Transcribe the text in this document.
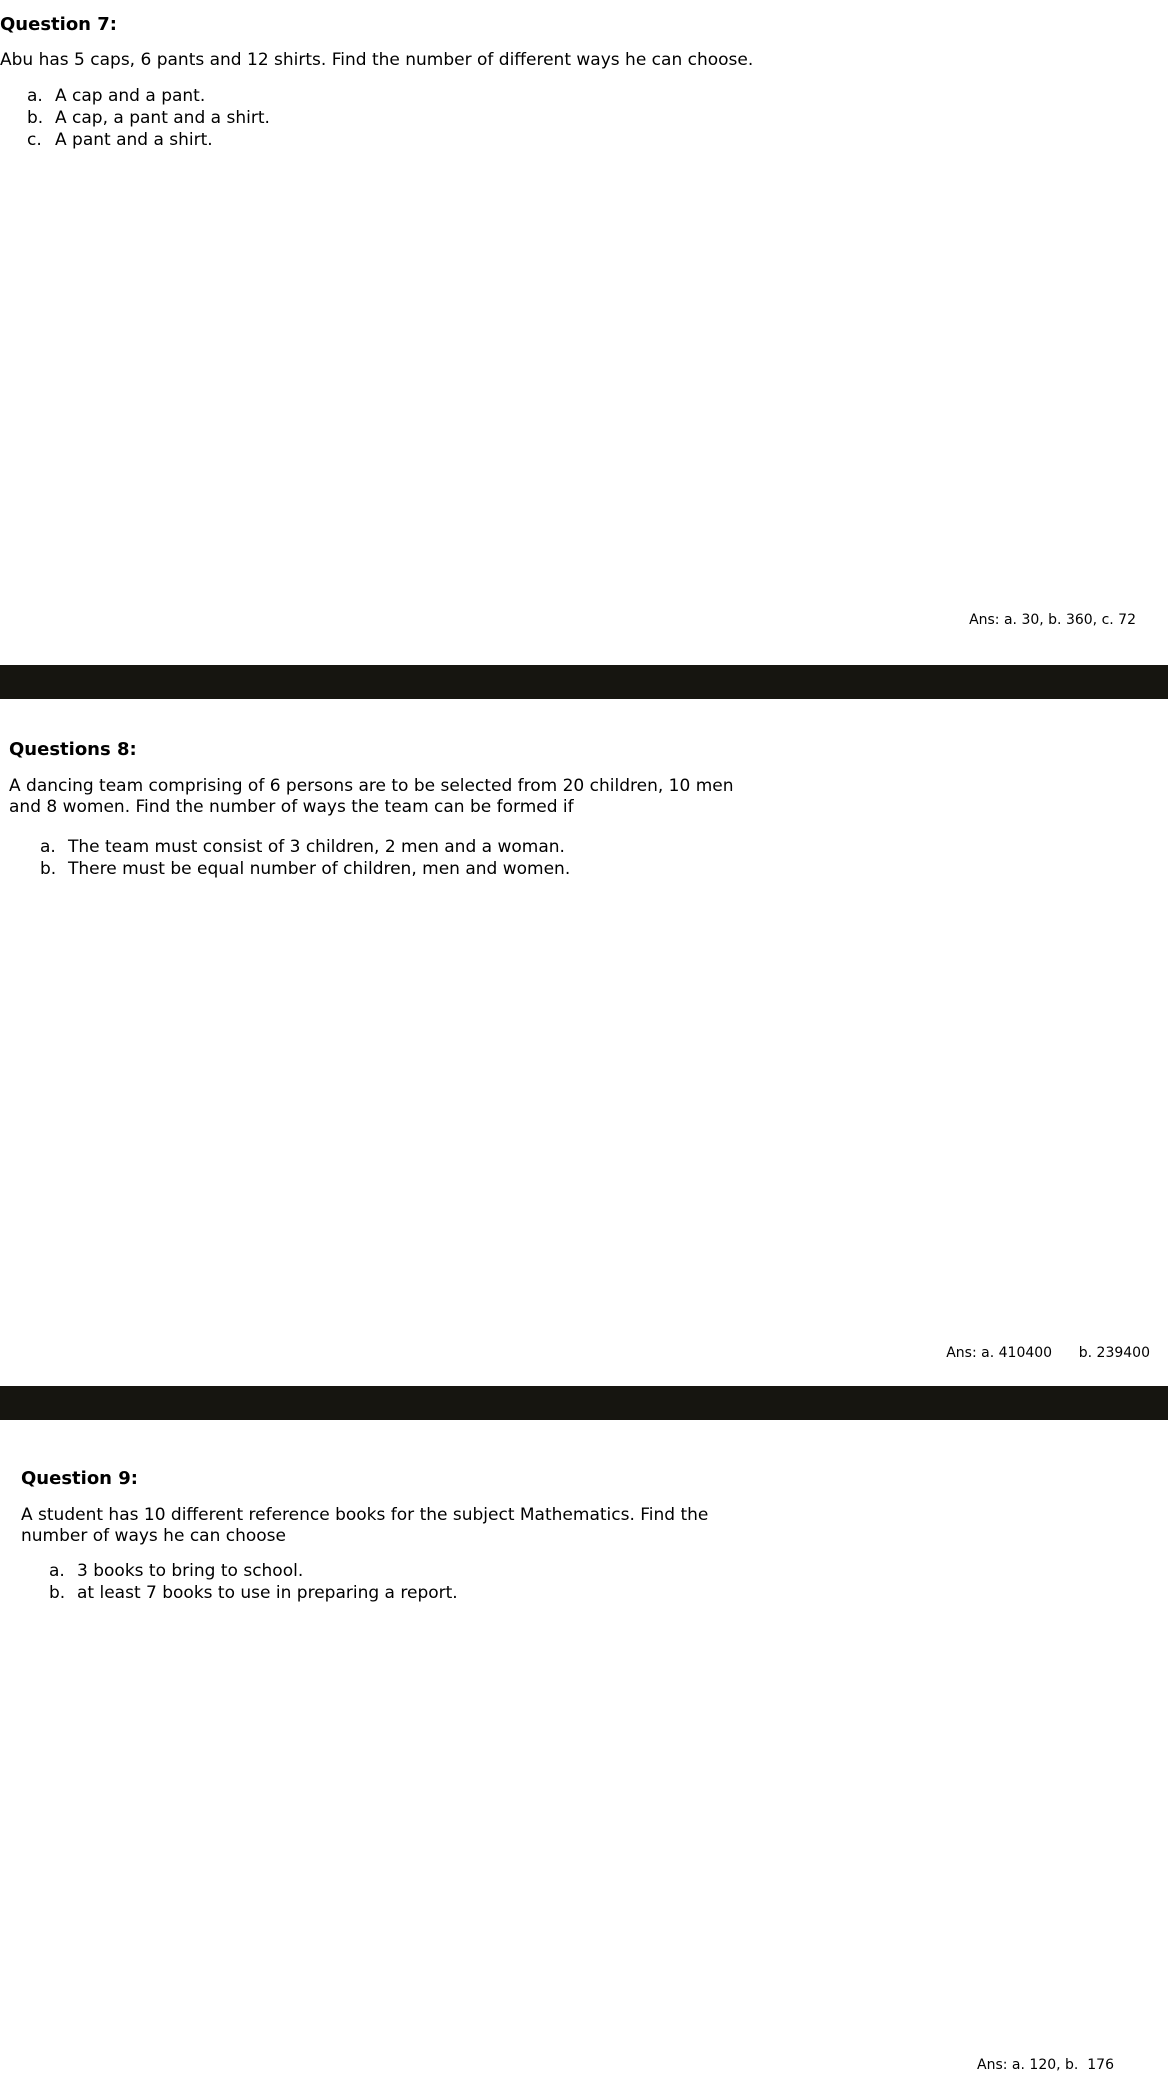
Question 7:
Abu has 5 caps, 6 pants and 12 shirts. Find the number of different ways he can choose.
a. A cap and a pant.
b. A cap, a pant and a shirt.
c. A pant and a shirt.
Ans: a. 30, b. 360, c. 72
Questions 8:
A dancing team comprising of 6 persons are to be selected from 20 children, 10 men and 8 women. Find the number of ways the team can be formed if
a. The team must consist of 3 children, 2 men and a woman.
b. There must be equal number of children, men and women.
Ans: a. 410400      b. 239400
Question 9:
A student has 10 different reference books for the subject Mathematics. Find the number of ways he can choose
a. 3 books to bring to school.
b. at least 7 books to use in preparing a report.
Ans: a. 120, b.  176
